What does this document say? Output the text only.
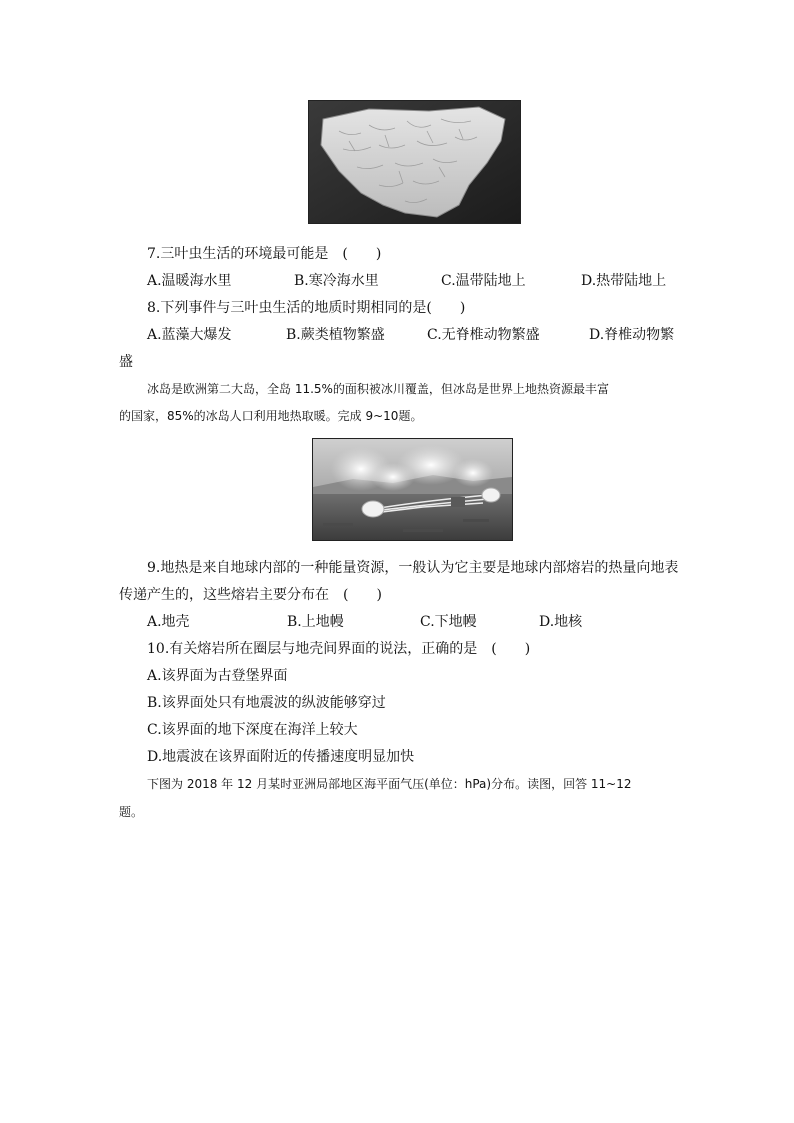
7.三叶虫生活的环境最可能是　(　　)
A.温暖海水里	B.寒冷海水里	C.温带陆地上	D.热带陆地上
8.下列事件与三叶虫生活的地质时期相同的是(　　)
A.蓝藻大爆发	B.蕨类植物繁盛	C.无脊椎动物繁盛	D.脊椎动物繁
盛
冰岛是欧洲第二大岛，全岛 11.5%的面积被冰川覆盖，但冰岛是世界上地热资源最丰富
的国家，85%的冰岛人口利用地热取暖。完成 9~10题。
9.地热是来自地球内部的一种能量资源，一般认为它主要是地球内部熔岩的热量向地表
传递产生的，这些熔岩主要分布在　(　　)
A.地壳	B.上地幔	C.下地幔	D.地核
10.有关熔岩所在圈层与地壳间界面的说法，正确的是　(　　)
A.该界面为古登堡界面
B.该界面处只有地震波的纵波能够穿过
C.该界面的地下深度在海洋上较大
D.地震波在该界面附近的传播速度明显加快
下图为 2018 年 12 月某时亚洲局部地区海平面气压(单位：hPa)分布。读图，回答 11~12
题。
